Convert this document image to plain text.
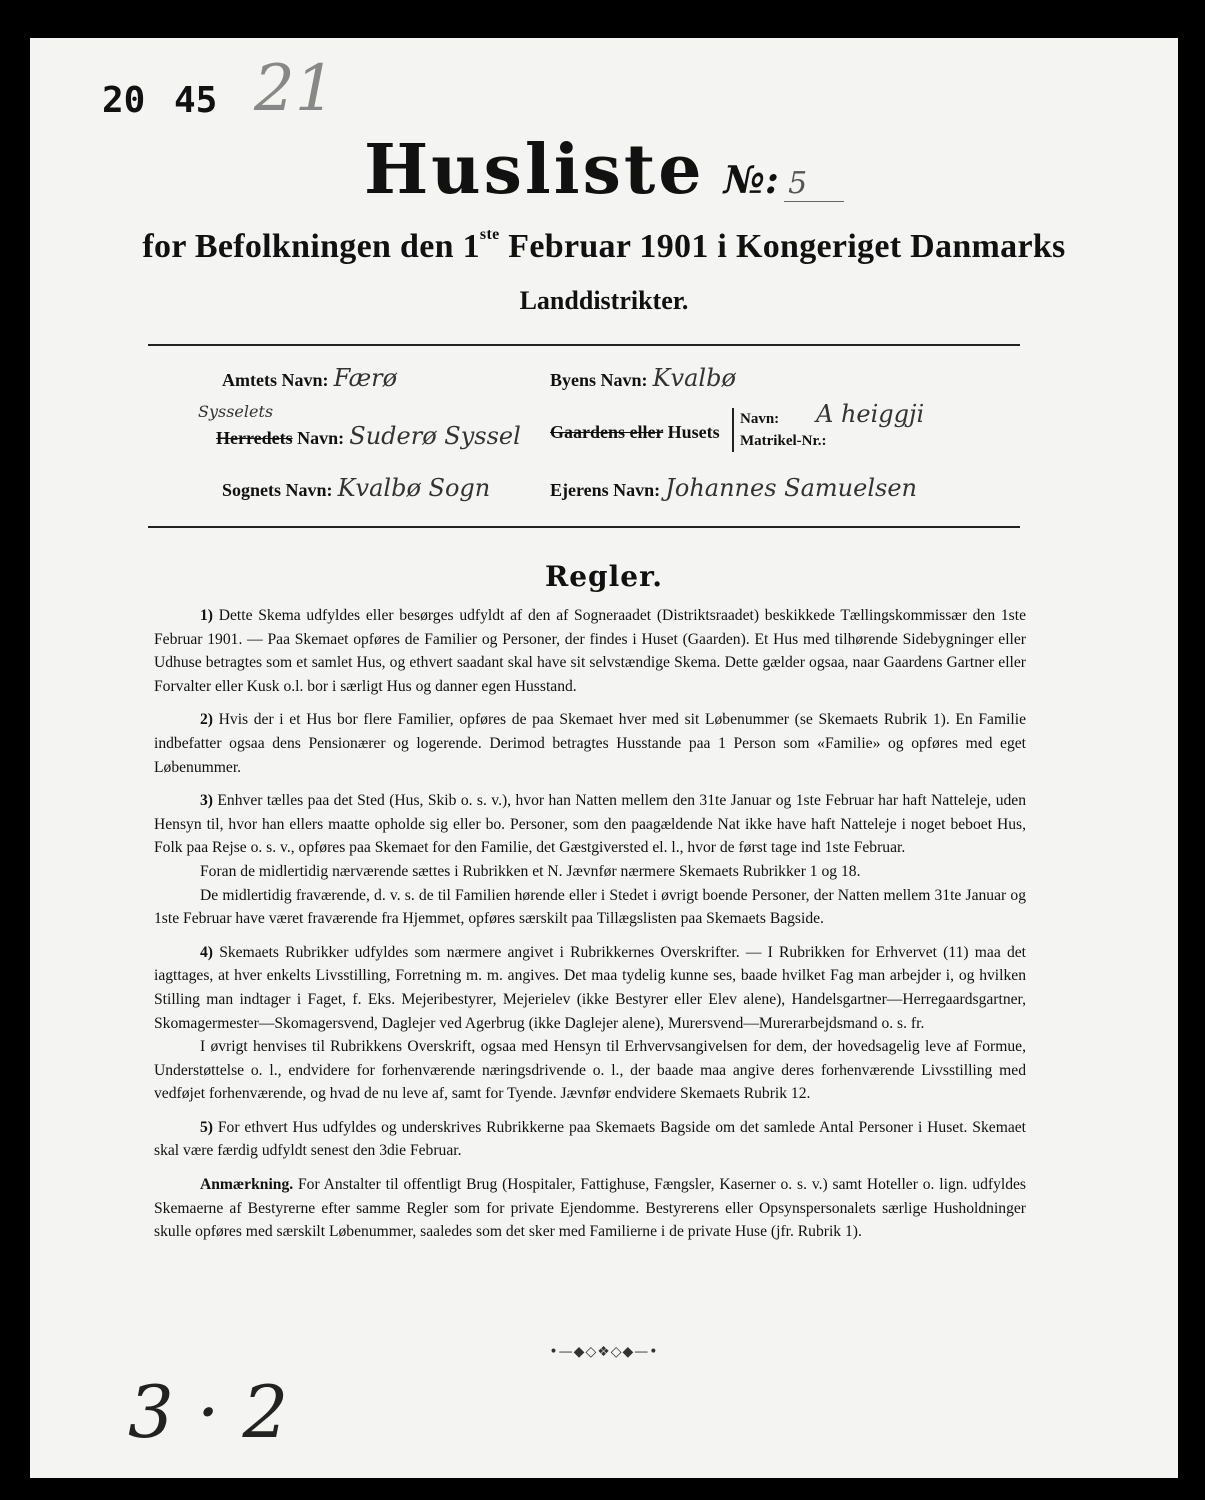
20 45 21
Husliste №: 5
for Befolkningen den 1ste Februar 1901 i Kongeriget Danmarks
Landdistrikter.
Amtets Navn: Færø
Sysselets
Herredets Navn: Suderø Syssel
Sognets Navn: Kvalbø Sogn
Byens Navn: Kvalbø
Gaardens eller Husets
Navn:
Matrikel-Nr.:
A heiggji
Ejerens Navn: Johannes Samuelsen
Regler.

1) Dette Skema udfyldes eller besørges udfyldt af den af Sogneraadet (Distriktsraadet) beskikkede Tællingskommissær den 1ste Februar 1901. — Paa Skemaet opføres de Familier og Personer, der findes i Huset (Gaarden). Et Hus med tilhørende Sidebygninger eller Udhuse betragtes som et samlet Hus, og ethvert saadant skal have sit selvstændige Skema. Dette gælder ogsaa, naar Gaardens Gartner eller Forvalter eller Kusk o.l. bor i særligt Hus og danner egen Husstand.

2) Hvis der i et Hus bor flere Familier, opføres de paa Skemaet hver med sit Løbenummer (se Skemaets Rubrik 1). En Familie indbefatter ogsaa dens Pensionærer og logerende. Derimod betragtes Husstande paa 1 Person som «Familie» og opføres med eget Løbenummer.

3) Enhver tælles paa det Sted (Hus, Skib o. s. v.), hvor han Natten mellem den 31te Januar og 1ste Februar har haft Natteleje, uden Hensyn til, hvor han ellers maatte opholde sig eller bo. Personer, som den paagældende Nat ikke have haft Natteleje i noget beboet Hus, Folk paa Rejse o. s. v., opføres paa Skemaet for den Familie, det Gæstgiversted el. l., hvor de først tage ind 1ste Februar.

Foran de midlertidig nærværende sættes i Rubrikken et N. Jævnfør nærmere Skemaets Rubrikker 1 og 18.

De midlertidig fraværende, d. v. s. de til Familien hørende eller i Stedet i øvrigt boende Personer, der Natten mellem 31te Januar og 1ste Februar have været fraværende fra Hjemmet, opføres særskilt paa Tillægslisten paa Skemaets Bagside.

4) Skemaets Rubrikker udfyldes som nærmere angivet i Rubrikkernes Overskrifter. — I Rubrikken for Erhvervet (11) maa det iagttages, at hver enkelts Livsstilling, Forretning m. m. angives. Det maa tydelig kunne ses, baade hvilket Fag man arbejder i, og hvilken Stilling man indtager i Faget, f. Eks. Mejeribestyrer, Mejerielev (ikke Bestyrer eller Elev alene), Handelsgartner—Herregaardsgartner, Skomagermester—Skomagersvend, Daglejer ved Agerbrug (ikke Daglejer alene), Murersvend—Murerarbejdsmand o. s. fr.

I øvrigt henvises til Rubrikkens Overskrift, ogsaa med Hensyn til Erhvervsangivelsen for dem, der hovedsagelig leve af Formue, Understøttelse o. l., endvidere for forhenværende næringsdrivende o. l., der baade maa angive deres forhenværende Livsstilling med vedføjet forhenværende, og hvad de nu leve af, samt for Tyende. Jævnfør endvidere Skemaets Rubrik 12.

5) For ethvert Hus udfyldes og underskrives Rubrikkerne paa Skemaets Bagside om det samlede Antal Personer i Huset. Skemaet skal være færdig udfyldt senest den 3die Februar.

Anmærkning. For Anstalter til offentligt Brug (Hospitaler, Fattighuse, Fængsler, Kaserner o. s. v.) samt Hoteller o. lign. udfyldes Skemaerne af Bestyrerne efter samme Regler som for private Ejendomme. Bestyrerens eller Opsynspersonalets særlige Husholdninger skulle opføres med særskilt Løbenummer, saaledes som det sker med Familierne i de private Huse (jfr. Rubrik 1).

•—◆◇❖◇◆—•
3 · 2
